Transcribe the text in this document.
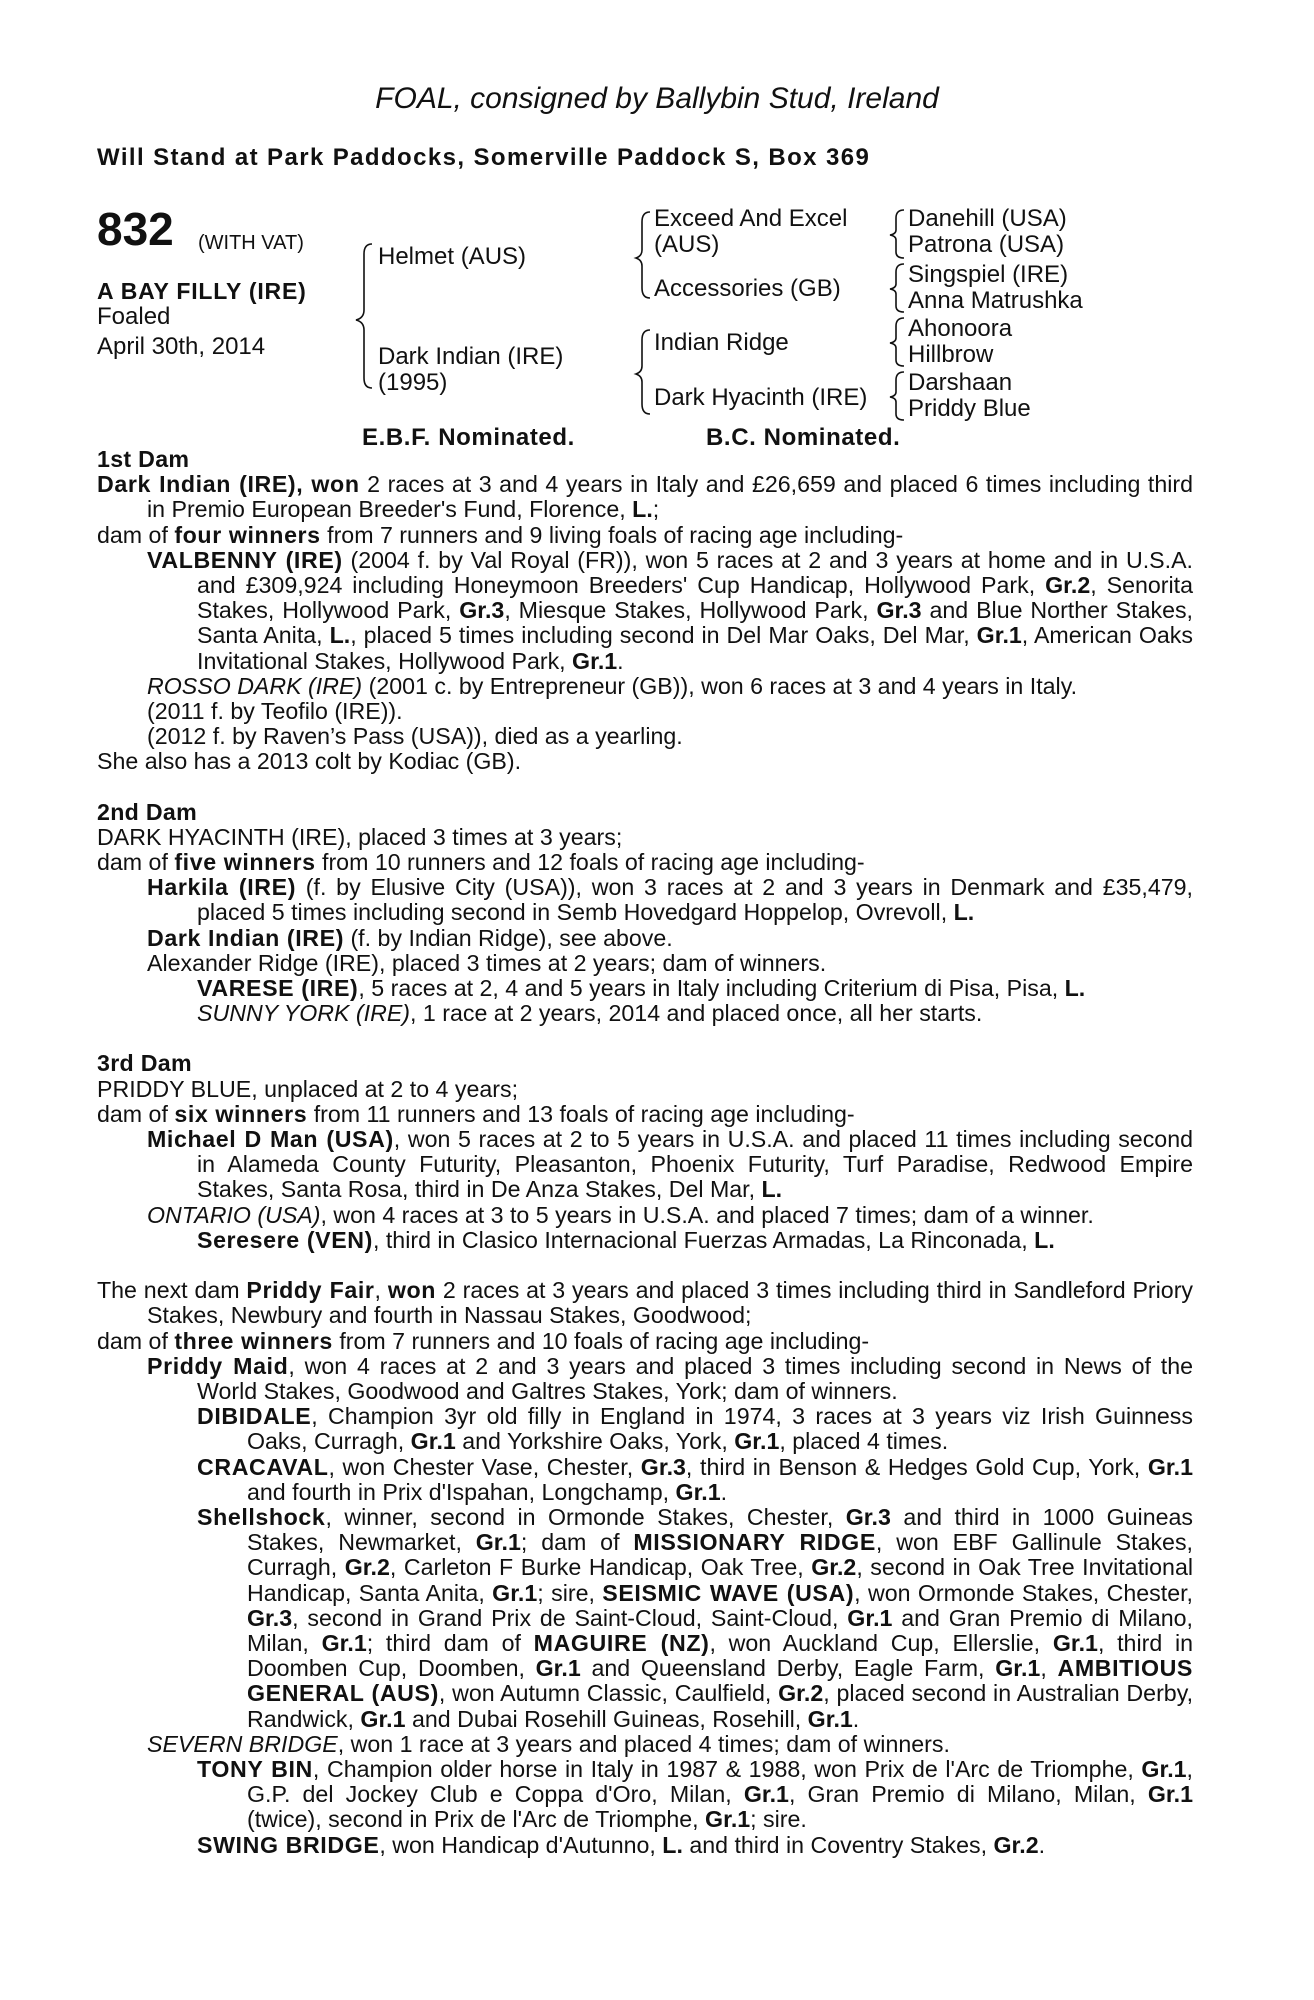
FOAL, consigned by Ballybin Stud, Ireland
Will Stand at Park Paddocks, Somerville Paddock S, Box 369
832 (WITH VAT)
A BAY FILLY (IRE)
Foaled
April 30th, 2014
Helmet (AUS)
Dark Indian (IRE)
(1995)
Exceed And Excel
(AUS)
Accessories (GB)
Indian Ridge
Dark Hyacinth (IRE)
Danehill (USA)
Patrona (USA)
Singspiel (IRE)
Anna Matrushka
Ahonoora
Hillbrow
Darshaan
Priddy Blue
E.B.F. Nominated.	B.C. Nominated.

1st Dam

Dark Indian (IRE), won 2 races at 3 and 4 years in Italy and £26,659 and placed 6 times including third in Premio European Breeder's Fund, Florence, L.;

dam of four winners from 7 runners and 9 living foals of racing age including-

VALBENNY (IRE) (2004 f. by Val Royal (FR)), won 5 races at 2 and 3 years at home and in U.S.A. and £309,924 including Honeymoon Breeders' Cup Handicap, Hollywood Park, Gr.2, Senorita Stakes, Hollywood Park, Gr.3, Miesque Stakes, Hollywood Park, Gr.3 and Blue Norther Stakes, Santa Anita, L., placed 5 times including second in Del Mar Oaks, Del Mar, Gr.1, American Oaks Invitational Stakes, Hollywood Park, Gr.1.

ROSSO DARK (IRE) (2001 c. by Entrepreneur (GB)), won 6 races at 3 and 4 years in Italy.

(2011 f. by Teofilo (IRE)).

(2012 f. by Raven’s Pass (USA)), died as a yearling.

She also has a 2013 colt by Kodiac (GB).

2nd Dam

DARK HYACINTH (IRE), placed 3 times at 3 years;

dam of five winners from 10 runners and 12 foals of racing age including-

Harkila (IRE) (f. by Elusive City (USA)), won 3 races at 2 and 3 years in Denmark and £35,479, placed 5 times including second in Semb Hovedgard Hoppelop, Ovrevoll, L.

Dark Indian (IRE) (f. by Indian Ridge), see above.

Alexander Ridge (IRE), placed 3 times at 2 years; dam of winners.

VARESE (IRE), 5 races at 2, 4 and 5 years in Italy including Criterium di Pisa, Pisa, L.

SUNNY YORK (IRE), 1 race at 2 years, 2014 and placed once, all her starts.

3rd Dam

PRIDDY BLUE, unplaced at 2 to 4 years;

dam of six winners from 11 runners and 13 foals of racing age including-

Michael D Man (USA), won 5 races at 2 to 5 years in U.S.A. and placed 11 times including second in Alameda County Futurity, Pleasanton, Phoenix Futurity, Turf Paradise, Redwood Empire Stakes, Santa Rosa, third in De Anza Stakes, Del Mar, L.

ONTARIO (USA), won 4 races at 3 to 5 years in U.S.A. and placed 7 times; dam of a winner.

Seresere (VEN), third in Clasico Internacional Fuerzas Armadas, La Rinconada, L.

The next dam Priddy Fair, won 2 races at 3 years and placed 3 times including third in Sandleford Priory Stakes, Newbury and fourth in Nassau Stakes, Goodwood;

dam of three winners from 7 runners and 10 foals of racing age including-

Priddy Maid, won 4 races at 2 and 3 years and placed 3 times including second in News of the World Stakes, Goodwood and Galtres Stakes, York; dam of winners.

DIBIDALE, Champion 3yr old filly in England in 1974, 3 races at 3 years viz Irish Guinness Oaks, Curragh, Gr.1 and Yorkshire Oaks, York, Gr.1, placed 4 times.

CRACAVAL, won Chester Vase, Chester, Gr.3, third in Benson & Hedges Gold Cup, York, Gr.1 and fourth in Prix d'Ispahan, Longchamp, Gr.1.

Shellshock, winner, second in Ormonde Stakes, Chester, Gr.3 and third in 1000 Guineas Stakes, Newmarket, Gr.1; dam of MISSIONARY RIDGE, won EBF Gallinule Stakes, Curragh, Gr.2, Carleton F Burke Handicap, Oak Tree, Gr.2, second in Oak Tree Invitational Handicap, Santa Anita, Gr.1; sire, SEISMIC WAVE (USA), won Ormonde Stakes, Chester, Gr.3, second in Grand Prix de Saint-Cloud, Saint-Cloud, Gr.1 and Gran Premio di Milano, Milan, Gr.1; third dam of MAGUIRE (NZ), won Auckland Cup, Ellerslie, Gr.1, third in Doomben Cup, Doomben, Gr.1 and Queensland Derby, Eagle Farm, Gr.1, AMBITIOUS GENERAL (AUS), won Autumn Classic, Caulfield, Gr.2, placed second in Australian Derby, Randwick, Gr.1 and Dubai Rosehill Guineas, Rosehill, Gr.1.

SEVERN BRIDGE, won 1 race at 3 years and placed 4 times; dam of winners.

TONY BIN, Champion older horse in Italy in 1987 & 1988, won Prix de l'Arc de Triomphe, Gr.1, G.P. del Jockey Club e Coppa d'Oro, Milan, Gr.1, Gran Premio di Milano, Milan, Gr.1 (twice), second in Prix de l'Arc de Triomphe, Gr.1; sire.

SWING BRIDGE, won Handicap d'Autunno, L. and third in Coventry Stakes, Gr.2.
